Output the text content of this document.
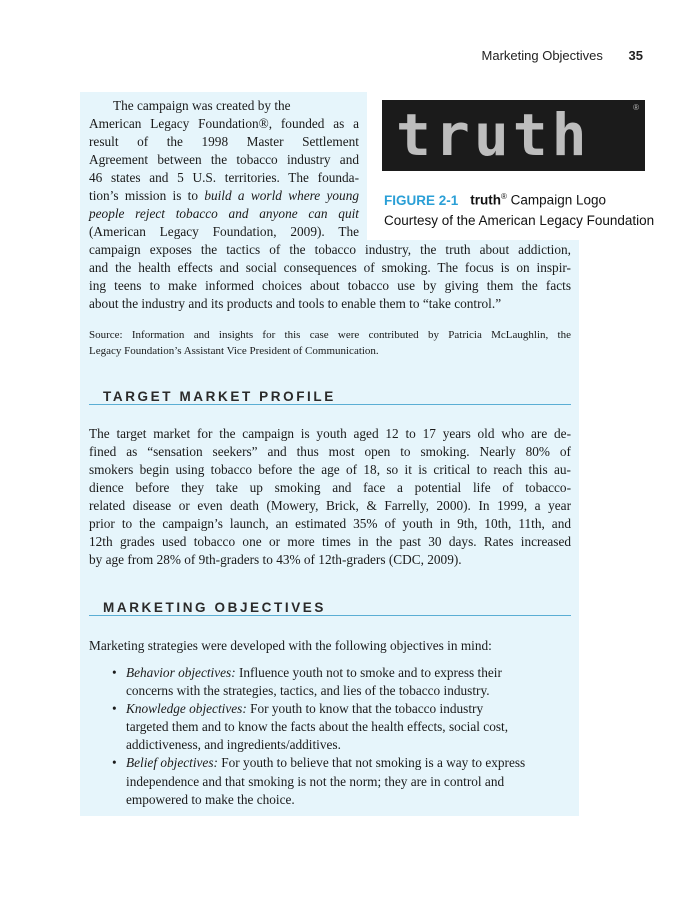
Marketing Objectives 35
The campaign was created by the
American Legacy Foundation®, founded as a
result of the 1998 Master Settlement
Agreement between the tobacco industry and
46 states and 5 U.S. territories. The founda-
tion’s mission is to build a world where young
people reject tobacco and anyone can quit
(American Legacy Foundation, 2009). The
campaign exposes the tactics of the tobacco industry, the truth about addiction,
and the health effects and social consequences of smoking. The focus is on inspir-
ing teens to make informed choices about tobacco use by giving them the facts
about the industry and its products and tools to enable them to “take control.”
truth	®
FIGURE 2-1 truth® Campaign Logo
Courtesy of the American Legacy Foundation
Source: Information and insights for this case were contributed by Patricia McLaughlin, the
Legacy Foundation’s Assistant Vice President of Communication.
TARGET MARKET PROFILE
The target market for the campaign is youth aged 12 to 17 years old who are de-
fined as “sensation seekers” and thus most open to smoking. Nearly 80% of
smokers begin using tobacco before the age of 18, so it is critical to reach this au-
dience before they take up smoking and face a potential life of tobacco-
related disease or even death (Mowery, Brick, & Farrelly, 2000). In 1999, a year
prior to the campaign’s launch, an estimated 35% of youth in 9th, 10th, 11th, and
12th grades used tobacco one or more times in the past 30 days. Rates increased
by age from 28% of 9th-graders to 43% of 12th-graders (CDC, 2009).
MARKETING OBJECTIVES
Marketing strategies were developed with the following objectives in mind:
• Behavior objectives: Influence youth not to smoke and to express their
concerns with the strategies, tactics, and lies of the tobacco industry.
• Knowledge objectives: For youth to know that the tobacco industry
targeted them and to know the facts about the health effects, social cost,
addictiveness, and ingredients/additives.
• Belief objectives: For youth to believe that not smoking is a way to express
independence and that smoking is not the norm; they are in control and
empowered to make the choice.
